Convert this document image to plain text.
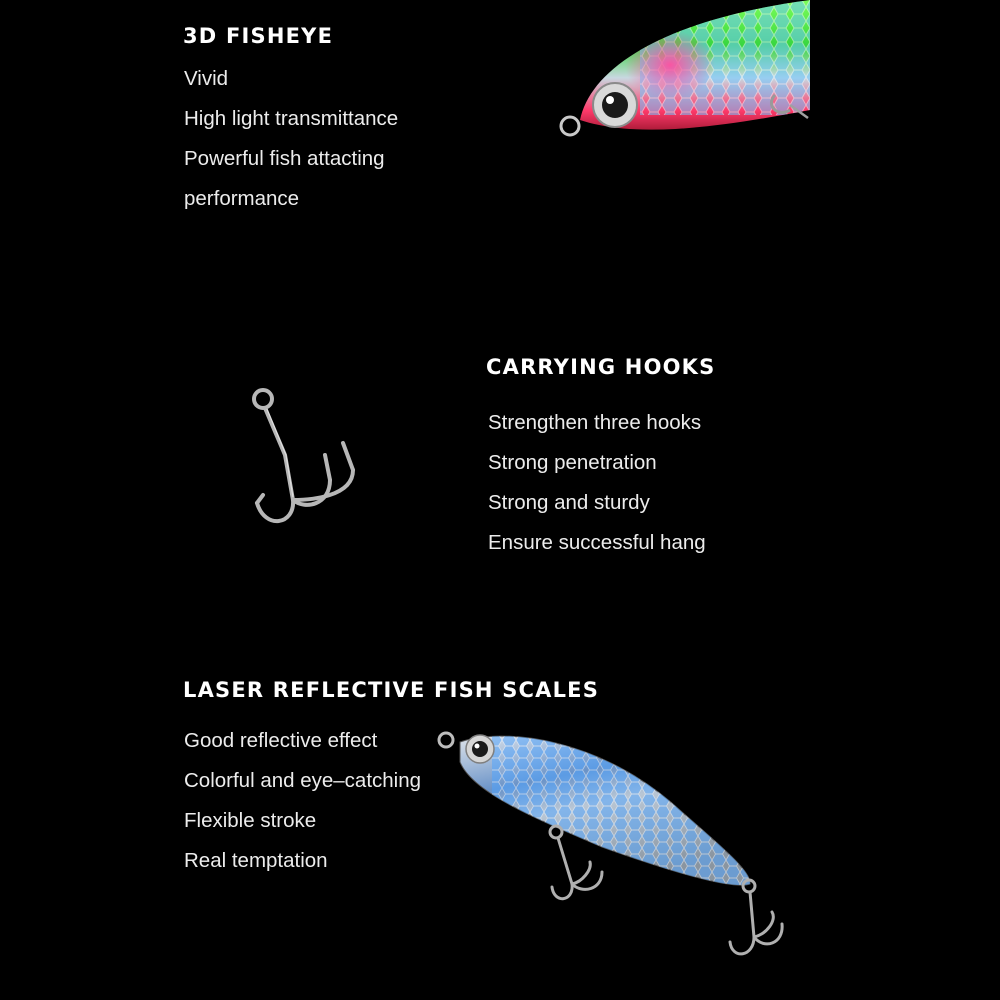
3D FISHEYE
Vivid
High light transmittance
Powerful fish attacting
performance
CARRYING HOOKS
Strengthen three hooks
Strong penetration
Strong and sturdy
Ensure successful hang
LASER REFLECTIVE FISH SCALES
Good reflective effect
Colorful and eye–catching
Flexible stroke
Real temptation
